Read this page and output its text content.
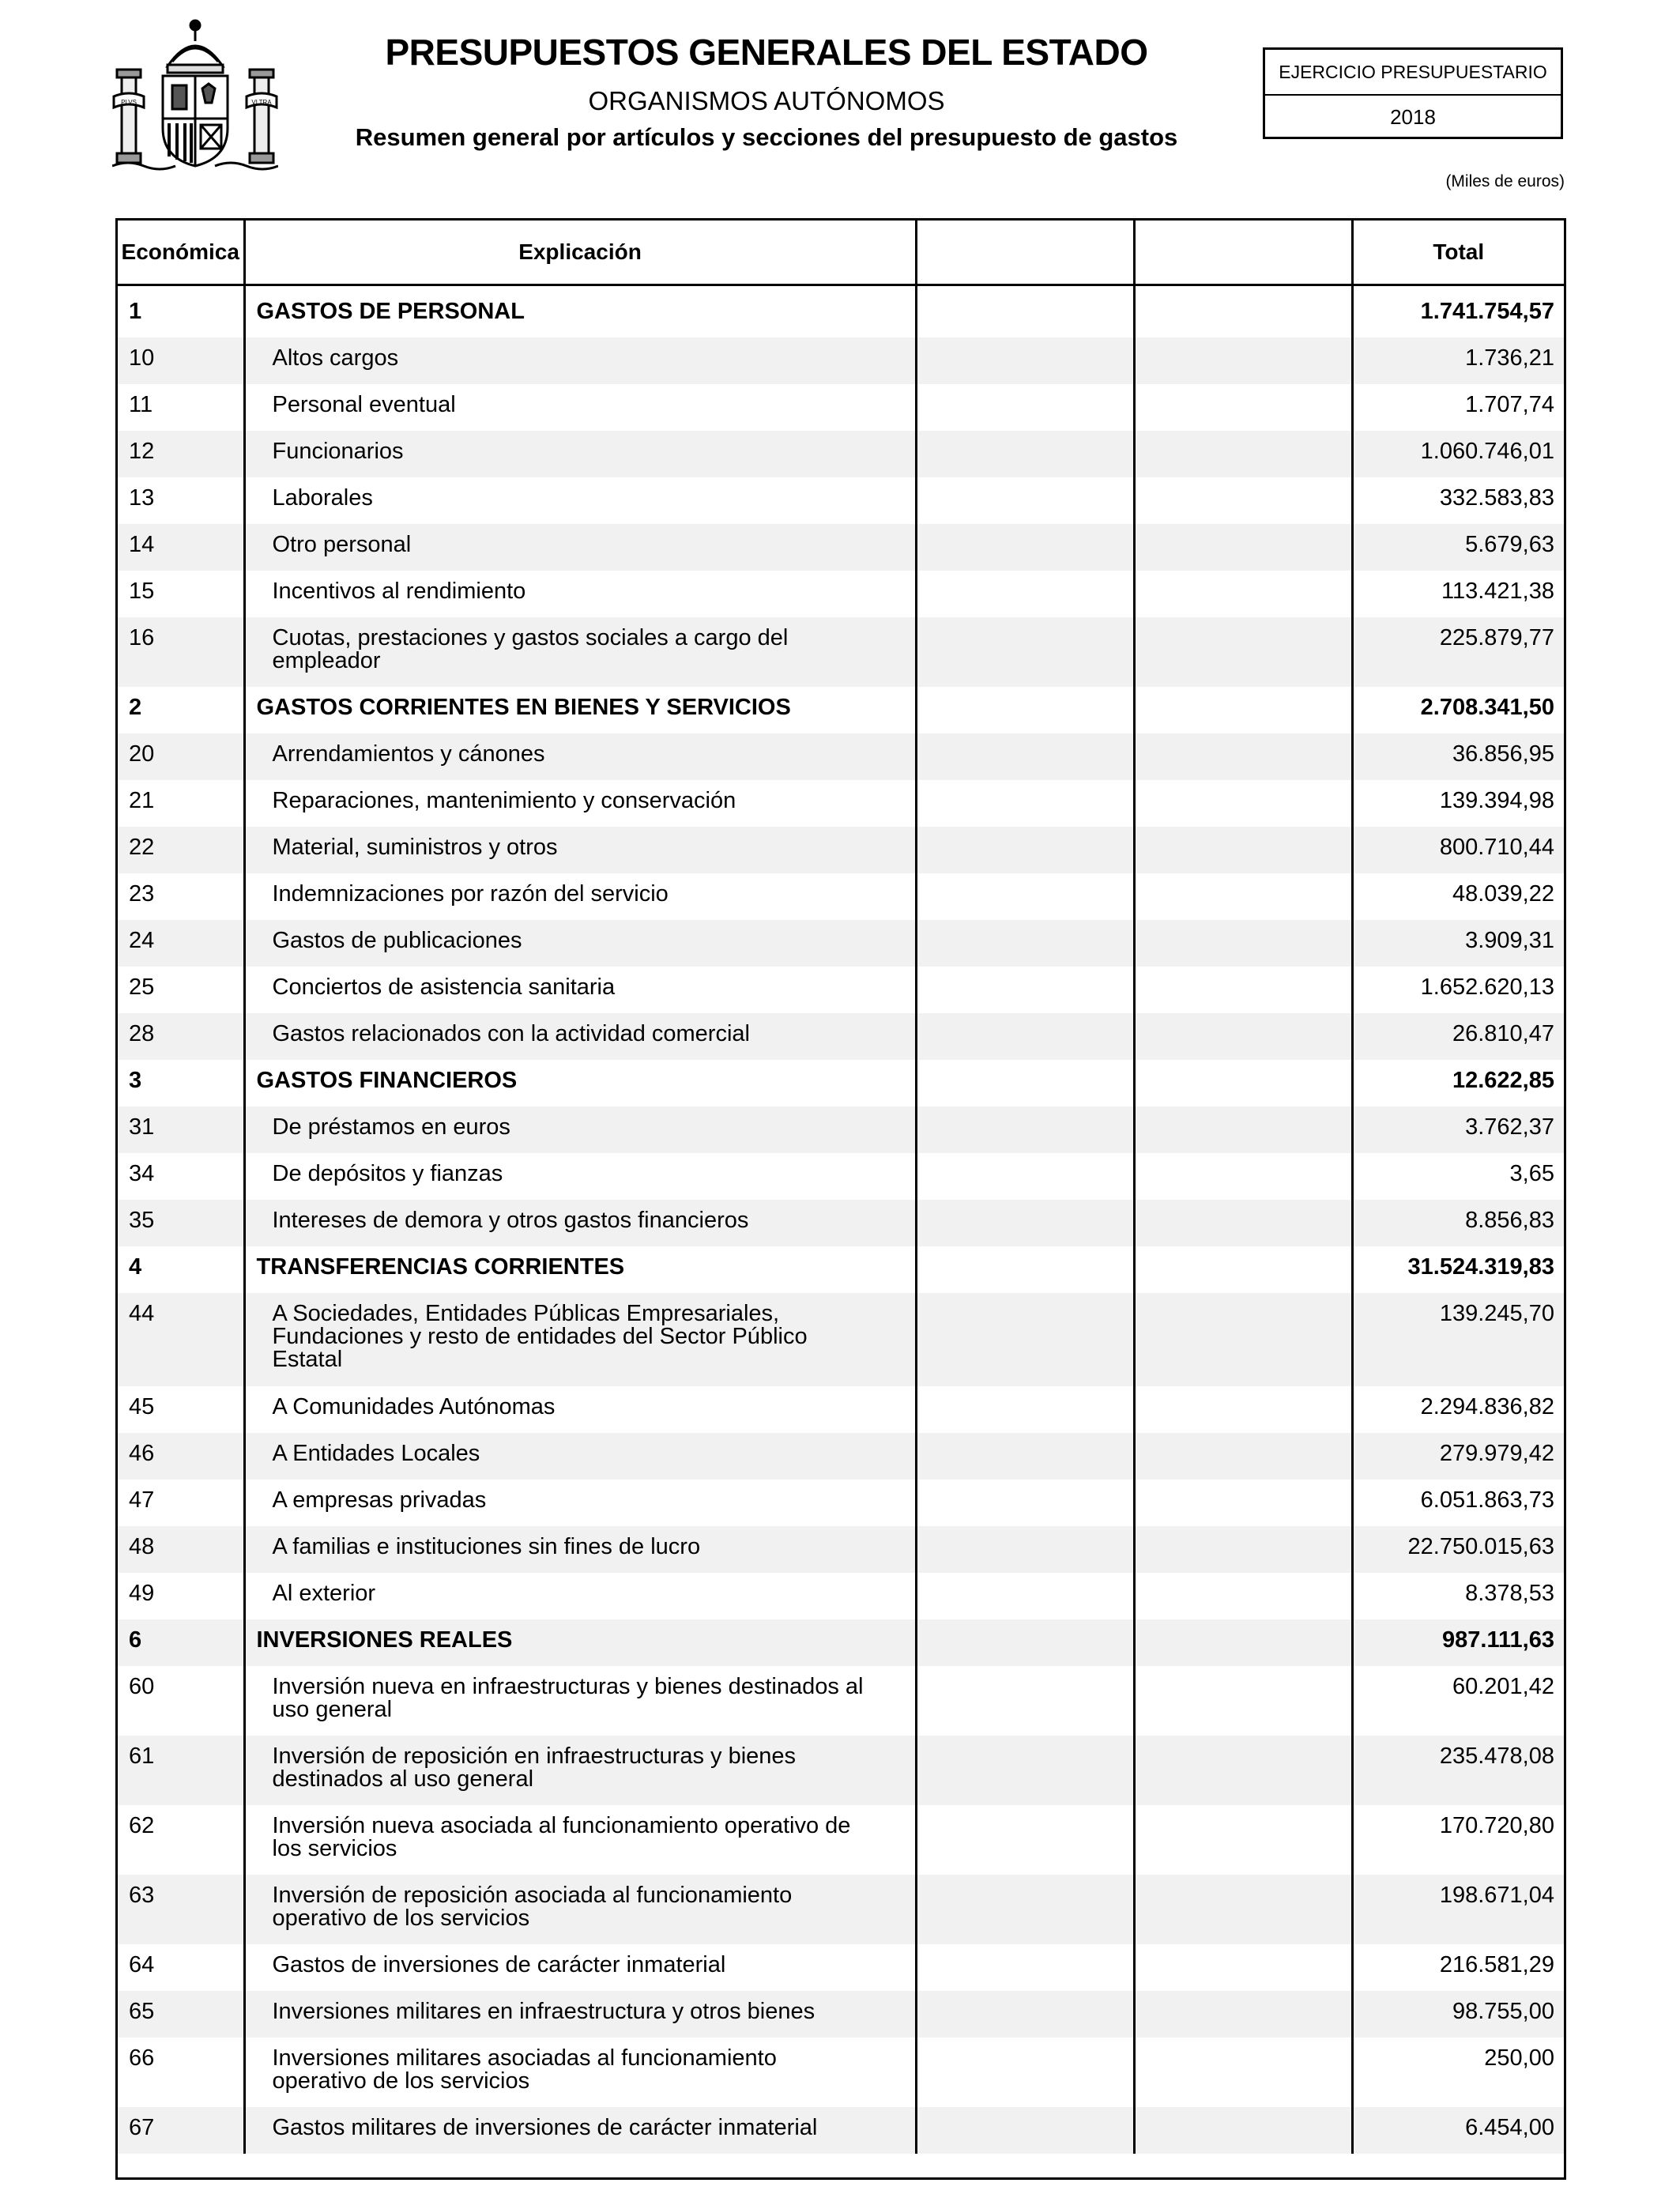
PLVS	VLTRA
PRESUPUESTOS GENERALES DEL ESTADO
ORGANISMOS AUTÓNOMOS
Resumen general por artículos y secciones del presupuesto de gastos
EJERCICIO PRESUPUESTARIO
2018
(Miles de euros)
Económica	Explicación			Total
1	GASTOS DE PERSONAL			1.741.754,57
10	Altos cargos			1.736,21
11	Personal eventual			1.707,74
12	Funcionarios			1.060.746,01
13	Laborales			332.583,83
14	Otro personal			5.679,63
15	Incentivos al rendimiento			113.421,38
16	Cuotas, prestaciones y gastos sociales a cargo del
empleador			225.879,77
2	GASTOS CORRIENTES EN BIENES Y SERVICIOS			2.708.341,50
20	Arrendamientos y cánones			36.856,95
21	Reparaciones, mantenimiento y conservación			139.394,98
22	Material, suministros y otros			800.710,44
23	Indemnizaciones por razón del servicio			48.039,22
24	Gastos de publicaciones			3.909,31
25	Conciertos de asistencia sanitaria			1.652.620,13
28	Gastos relacionados con la actividad comercial			26.810,47
3	GASTOS FINANCIEROS			12.622,85
31	De préstamos en euros			3.762,37
34	De depósitos y fianzas			3,65
35	Intereses de demora y otros gastos financieros			8.856,83
4	TRANSFERENCIAS CORRIENTES			31.524.319,83
44	A Sociedades, Entidades Públicas Empresariales,
Fundaciones y resto de entidades del Sector Público
Estatal			139.245,70
45	A Comunidades Autónomas			2.294.836,82
46	A Entidades Locales			279.979,42
47	A empresas privadas			6.051.863,73
48	A familias e instituciones sin fines de lucro			22.750.015,63
49	Al exterior			8.378,53
6	INVERSIONES REALES			987.111,63
60	Inversión nueva en infraestructuras y bienes destinados al
uso general			60.201,42
61	Inversión de reposición en infraestructuras y bienes
destinados al uso general			235.478,08
62	Inversión nueva asociada al funcionamiento operativo de
los servicios			170.720,80
63	Inversión de reposición asociada al funcionamiento
operativo de los servicios			198.671,04
64	Gastos de inversiones de carácter inmaterial			216.581,29
65	Inversiones militares en infraestructura y otros bienes			98.755,00
66	Inversiones militares asociadas al funcionamiento
operativo de los servicios			250,00
67	Gastos militares de inversiones de carácter inmaterial			6.454,00
